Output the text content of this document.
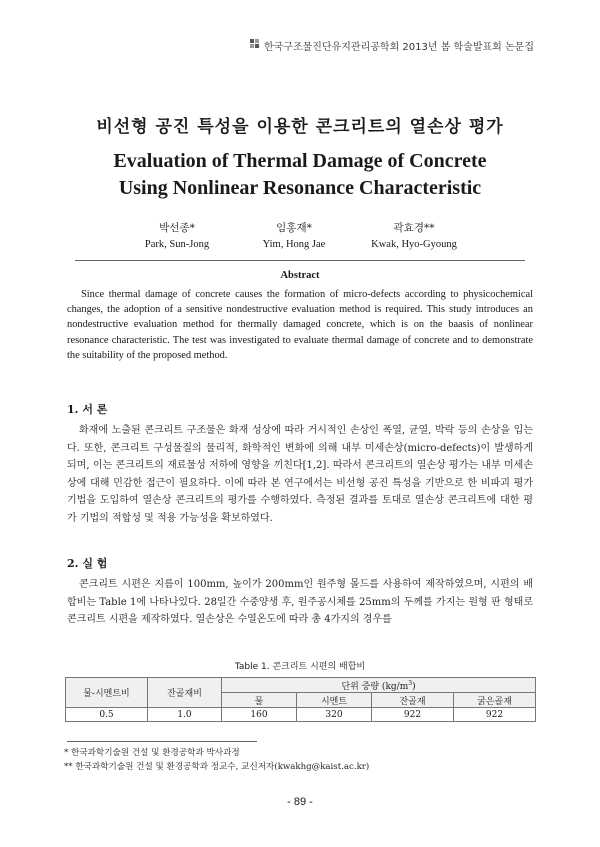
한국구조물진단유지관리공학회 2013년 봄 학술발표회 논문집
비선형 공진 특성을 이용한 콘크리트의 열손상 평가
Evaluation of Thermal Damage of Concrete
Using Nonlinear Resonance Characteristic
박선종*
Park, Sun-Jong
임홍재*
Yim, Hong Jae
곽효경**
Kwak, Hyo-Gyoung
Abstract
Since thermal damage of concrete causes the formation of micro-defects according to physicochemical changes, the adoption of a sensitive nondestructive evaluation method is required. This study introduces an nondestructive evaluation method for thermally damaged concrete, which is on the baasis of nonlinear resonance characteristic. The test was investigated to evaluate thermal damage of concrete and to demonstrate the suitability of the proposed method.
1. 서 론
화재에 노출된 콘크리트 구조물은 화재 성상에 따라 거시적인 손상인 폭열, 균열, 박락 등의 손상을 입는다. 또한, 콘크리트 구성물질의 물리적, 화학적인 변화에 의해 내부 미세손상(micro-defects)이 발생하게 되며, 이는 콘크리트의 재료물성 저하에 영향을 끼친다[1,2]. 따라서 콘크리트의 열손상 평가는 내부 미세손상에 대해 민감한 접근이 필요하다. 이에 따라 본 연구에서는 비선형 공진 특성을 기반으로 한 비파괴 평가 기법을 도입하여 열손상 콘크리트의 평가를 수행하였다. 측정된 결과를 토대로 열손상 콘크리트에 대한 평가 기법의 적합성 및 적용 가능성을 확보하였다.
2. 실 험
콘크리트 시편은 지름이 100mm, 높이가 200mm인 원주형 몰드를 사용하여 제작하였으며, 시편의 배합비는 Table 1에 나타나있다. 28일간 수중양생 후, 원주공시체를 25mm의 두께를 가지는 원형 판 형태로 콘크리트 시편을 제작하였다. 열손상은 수열온도에 따라 총 4가지의 경우를
Table 1. 콘크리트 시편의 배합비
물-시멘트비	잔골재비	단위 중량 $(kg/m^3)$			
		물	시멘트	잔골재	굵은골재
0.5	1.0	160	320	922	922
* 한국과학기술원 건설 및 환경공학과 박사과정
** 한국과학기술원 건설 및 환경공학과 정교수, 교신저자(kwakhg@kaist.ac.kr)
- 89 -
